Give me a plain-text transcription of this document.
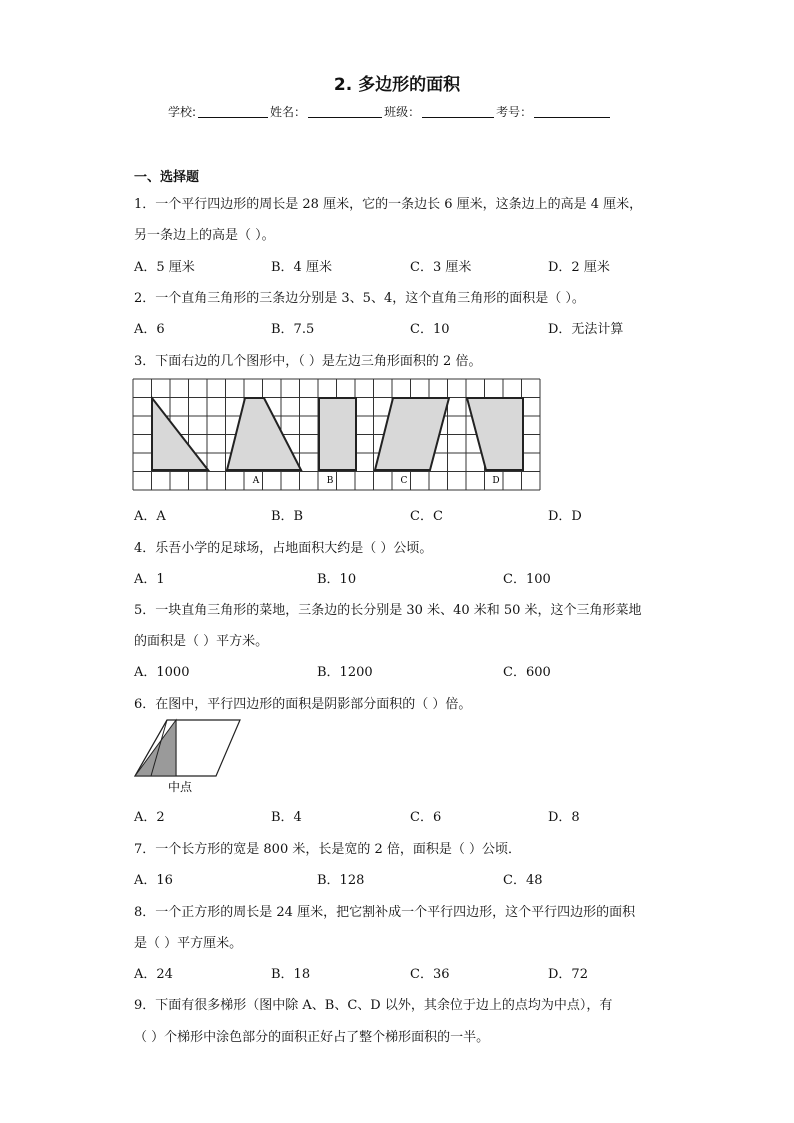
2. 多边形的面积
学校:	姓名：	班级：	考号：
一、选择题
1．一个平行四边形的周长是 28 厘米，它的一条边长 6 厘米，这条边上的高是 4 厘米，
另一条边上的高是（ ）。
A．5 厘米	B．4 厘米	C．3 厘米	D．2 厘米
2．一个直角三角形的三条边分别是 3、5、4，这个直角三角形的面积是（ ）。
A．6	B．7.5	C．10	D．无法计算
3．下面右边的几个图形中，（ ）是左边三角形面积的 2 倍。
A	B	C	D
A．A	B．B	C．C	D．D
4．乐吾小学的足球场，占地面积大约是（ ）公顷。
A．1	B．10	C．100
5．一块直角三角形的菜地，三条边的长分别是 30 米、40 米和 50 米，这个三角形菜地
的面积是（ ）平方米。
A．1000	B．1200	C．600
6．在图中，平行四边形的面积是阴影部分面积的（ ）倍。
中点
A．2	B．4	C．6	D．8
7．一个长方形的宽是 800 米，长是宽的 2 倍，面积是（ ）公顷．
A．16	B．128	C．48
8．一个正方形的周长是 24 厘米，把它割补成一个平行四边形，这个平行四边形的面积
是（ ）平方厘米。
A．24	B．18	C．36	D．72
9．下面有很多梯形（图中除 A、B、C、D 以外，其余位于边上的点均为中点），有
（ ）个梯形中涂色部分的面积正好占了整个梯形面积的一半。
